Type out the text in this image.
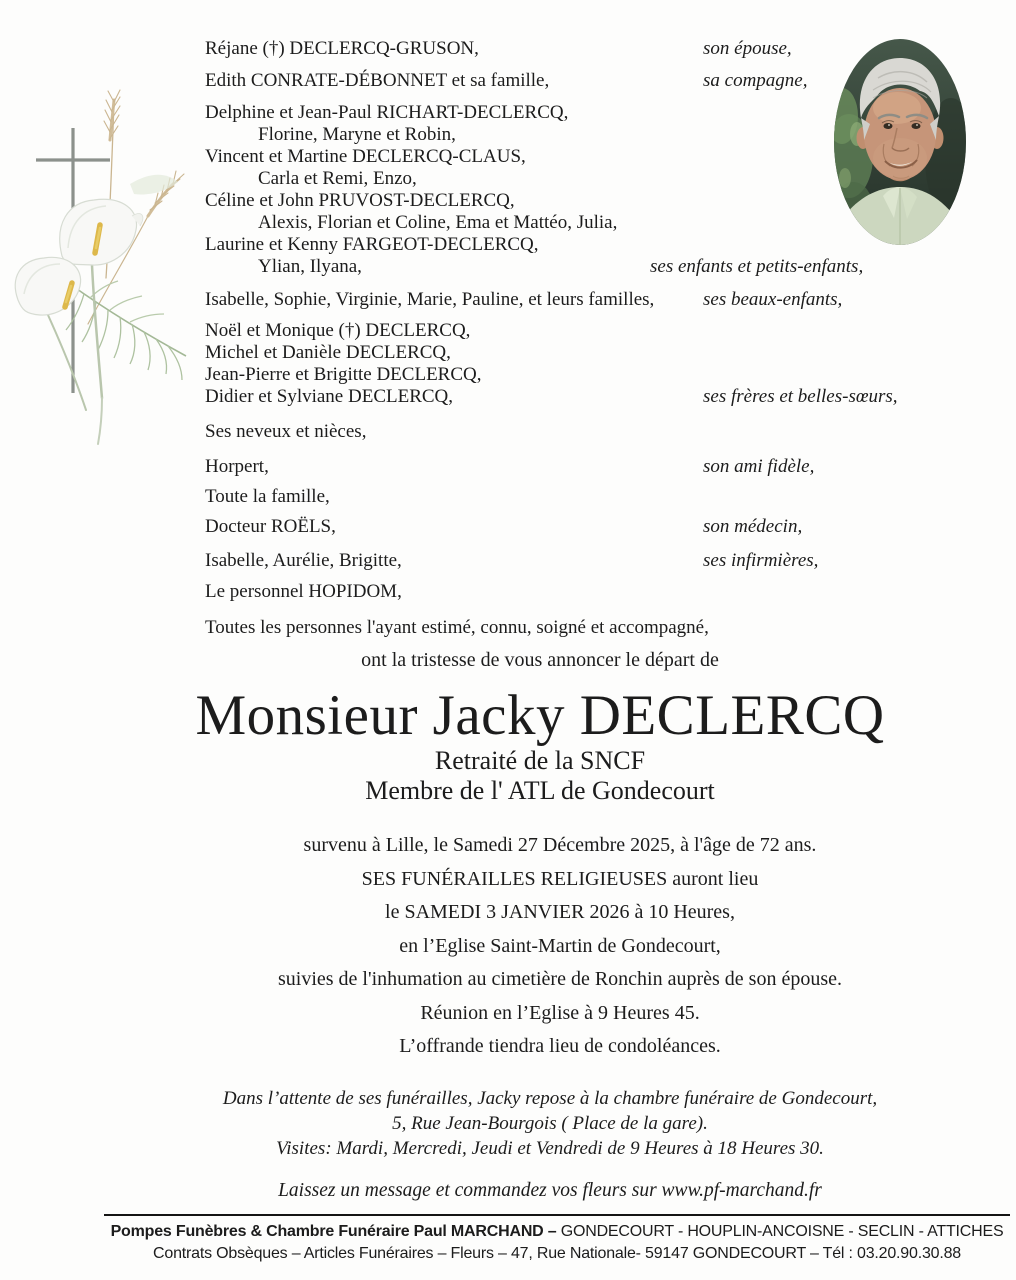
Réjane (†) DECLERCQ-GRUSON,	son épouse,
Edith CONRATE-DÉBONNET et sa famille,	sa compagne,
Delphine et Jean-Paul RICHART-DECLERCQ,
Florine, Maryne et Robin,
Vincent et Martine DECLERCQ-CLAUS,
Carla et Remi, Enzo,
Céline et John PRUVOST-DECLERCQ,
Alexis, Florian et Coline, Ema et Mattéo, Julia,
Laurine et Kenny FARGEOT-DECLERCQ,
Ylian, Ilyana,	ses enfants et petits-enfants,
Isabelle, Sophie, Virginie, Marie, Pauline, et leurs familles,	ses beaux-enfants,
Noël et Monique (†) DECLERCQ,
Michel et Danièle DECLERCQ,
Jean-Pierre et Brigitte DECLERCQ,
Didier et Sylviane DECLERCQ,	ses frères et belles-sœurs,
Ses neveux et nièces,
Horpert,	son ami fidèle,
Toute la famille,
Docteur ROËLS,	son médecin,
Isabelle, Aurélie, Brigitte,	ses infirmières,
Le personnel HOPIDOM,
Toutes les personnes l'ayant estimé, connu, soigné et accompagné,
ont la tristesse de vous annoncer le départ de
Monsieur Jacky DECLERCQ
Retraité de la SNCF
Membre de l' ATL de Gondecourt
survenu à Lille, le Samedi 27 Décembre 2025, à l'âge de 72 ans.
SES FUNÉRAILLES RELIGIEUSES auront lieu
le SAMEDI 3 JANVIER 2026 à 10 Heures,
en l’Eglise Saint-Martin de Gondecourt,
suivies de l'inhumation au cimetière de Ronchin auprès de son épouse.
Réunion en l’Eglise à 9 Heures 45.
L’offrande tiendra lieu de condoléances.
Dans l’attente de ses funérailles, Jacky repose à la chambre funéraire de Gondecourt,
5, Rue Jean-Bourgois ( Place de la gare).
Visites: Mardi, Mercredi, Jeudi et Vendredi de 9 Heures à 18 Heures 30.
Laissez un message et commandez vos fleurs sur www.pf-marchand.fr
Pompes Funèbres & Chambre Funéraire Paul MARCHAND – GONDECOURT - HOUPLIN-ANCOISNE - SECLIN - ATTICHES
Contrats Obsèques – Articles Funéraires – Fleurs – 47, Rue Nationale- 59147 GONDECOURT – Tél : 03.20.90.30.88
